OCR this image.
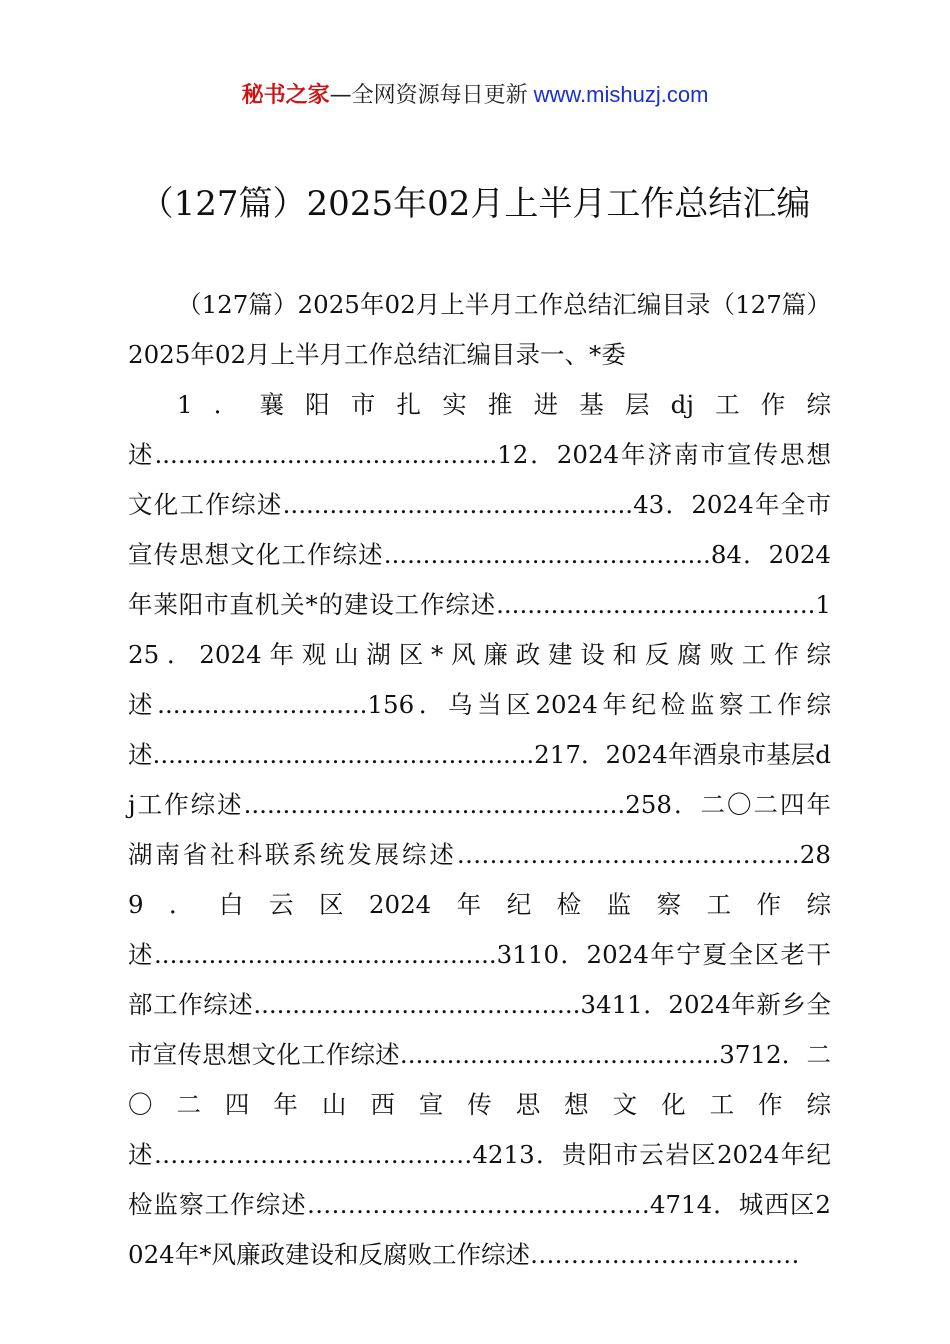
秘书之家—全网资源每日更新 www.mishuzj.com
（127篇）2025年02月上半月工作总结汇编

（127篇）2025年02月上半月工作总结汇编目录（127篇）2025年02月上半月工作总结汇编目录一、*委

1．襄阳市扎实推进基层dj工作综述............................................12．2024年济南市宣传思想文化工作综述.............................................43．2024年全市宣传思想文化工作综述..........................................84．2024年莱阳市直机关*的建设工作综述.........................................125．2024年观山湖区*风廉政建设和反腐败工作综述...........................156．乌当区2024年纪检监察工作综述.................................................217．2024年酒泉市基层dj工作综述.................................................258．二〇二四年湖南省社科联系统发展综述……………………………………289．白云区2024年纪检监察工作综述............................................3110．2024年宁夏全区老干部工作综述..........................................3411．2024年新乡全市宣传思想文化工作综述.........................................3712．二〇二四年山西宣传思想文化工作综述…………………………………4213．贵阳市云岩区2024年纪检监察工作综述……………………………………4714．城西区2024年*风廉政建设和反腐败工作综述……………………………
